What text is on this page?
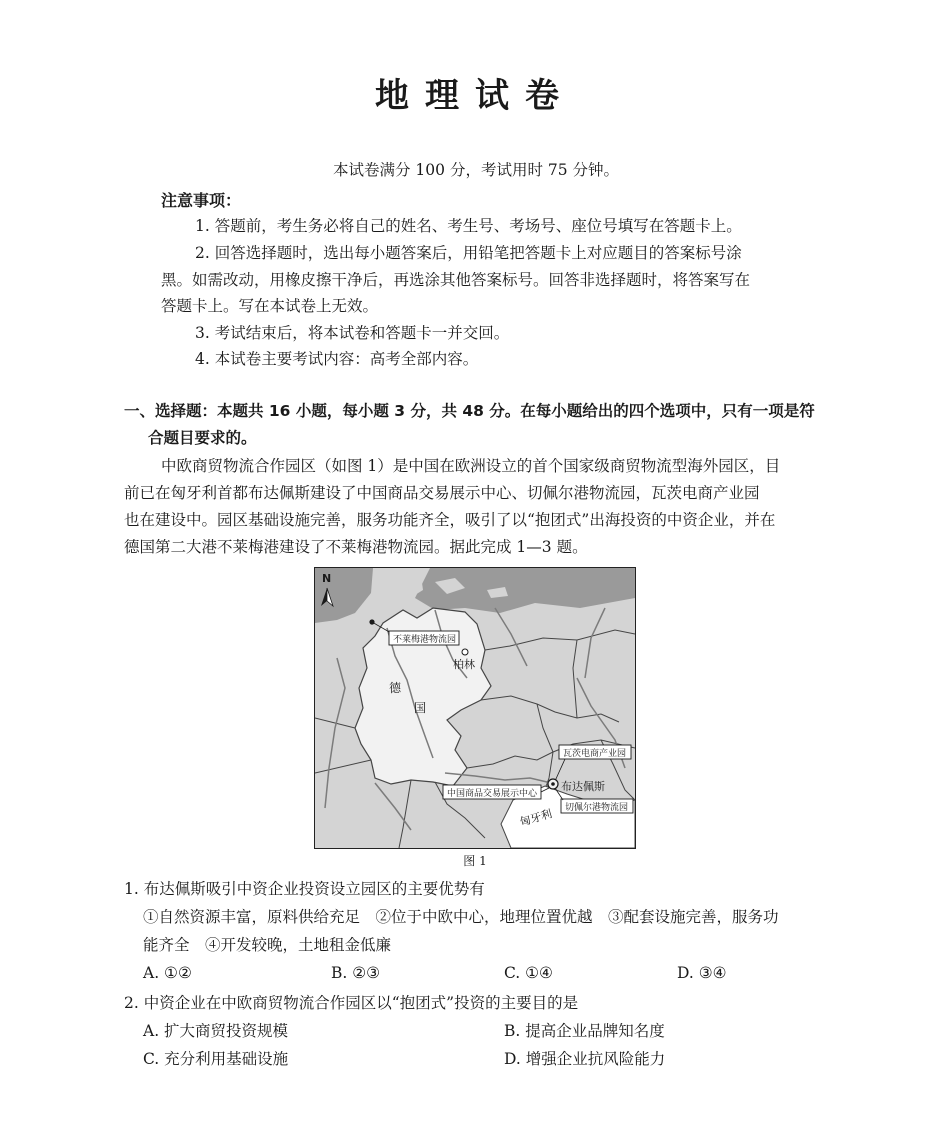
地理试卷
本试卷满分 100 分，考试用时 75 分钟。
注意事项：
1. 答题前，考生务必将自己的姓名、考生号、考场号、座位号填写在答题卡上。
2. 回答选择题时，选出每小题答案后，用铅笔把答题卡上对应题目的答案标号涂
黑。如需改动，用橡皮擦干净后，再选涂其他答案标号。回答非选择题时，将答案写在
答题卡上。写在本试卷上无效。
3. 考试结束后，将本试卷和答题卡一并交回。
4. 本试卷主要考试内容：高考全部内容。
一、选择题：本题共 16 小题，每小题 3 分，共 48 分。在每小题给出的四个选项中，只有一项是符
合题目要求的。
中欧商贸物流合作园区（如图 1）是中国在欧洲设立的首个国家级商贸物流型海外园区，目
前已在匈牙利首都布达佩斯建设了中国商品交易展示中心、切佩尔港物流园，瓦茨电商产业园
也在建设中。园区基础设施完善，服务功能齐全，吸引了以“抱团式”出海投资的中资企业，并在
德国第二大港不莱梅港建设了不莱梅港物流园。据此完成 1—3 题。
N
不莱梅港物流园
柏林
德
国
瓦茨电商产业园
布达佩斯
中国商品交易展示中心
切佩尔港物流园
匈牙利
图 1
1. 布达佩斯吸引中资企业投资设立园区的主要优势有
①自然资源丰富，原料供给充足　②位于中欧中心，地理位置优越　③配套设施完善，服务功
能齐全　④开发较晚，土地租金低廉
A. ①②	B. ②③	C. ①④	D. ③④
2. 中资企业在中欧商贸物流合作园区以“抱团式”投资的主要目的是
A. 扩大商贸投资规模	B. 提高企业品牌知名度
C. 充分利用基础设施	D. 增强企业抗风险能力
